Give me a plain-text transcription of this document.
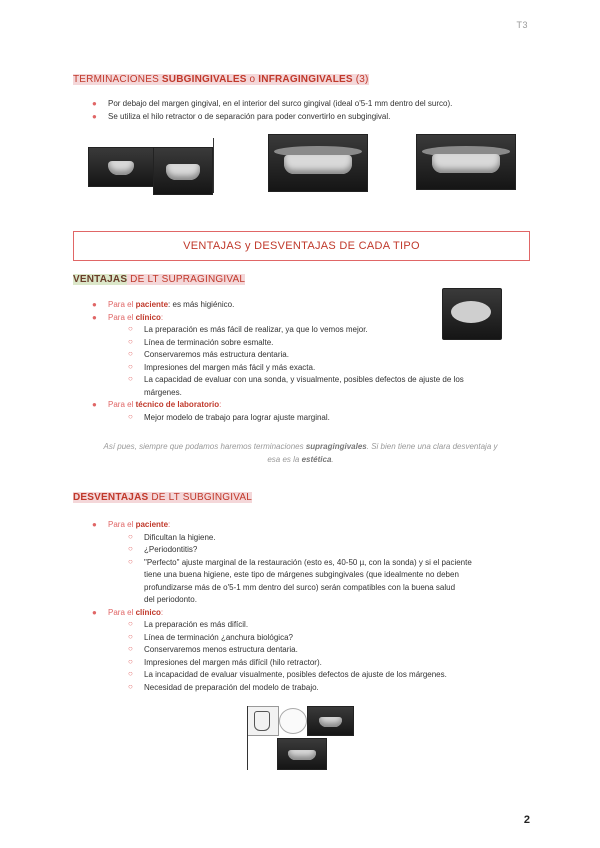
T3
TERMINACIONES SUBGINGIVALES o INFRAGINGIVALES (3)
● Por debajo del margen gingival, en el interior del surco gingival (ideal o'5-1 mm dentro del surco).
● Se utiliza el hilo retractor o de separación para poder convertirlo en subgingival.
VENTAJAS y DESVENTAJAS DE CADA TIPO
VENTAJAS DE LT SUPRAGINGIVAL
● Para el paciente: es más higiénico.
● Para el clínico:
○ La preparación es más fácil de realizar, ya que lo vemos mejor.
○ Línea de terminación sobre esmalte.
○ Conservaremos más estructura dentaria.
○ Impresiones del margen más fácil y más exacta.
○ La capacidad de evaluar con una sonda, y visualmente, posibles defectos de ajuste de los
márgenes.
● Para el técnico de laboratorio:
○ Mejor modelo de trabajo para lograr ajuste marginal.
Así pues, siempre que podamos haremos terminaciones supragingivales. Si bien tiene una clara desventaja y
esa es la estética.
DESVENTAJAS DE LT SUBGINGIVAL
● Para el paciente:
○ Dificultan la higiene.
○ ¿Periodontitis?
○ "Perfecto" ajuste marginal de la restauración (esto es, 40-50 µ, con la sonda) y si el paciente
tiene una buena higiene, este tipo de márgenes subgingivales (que idealmente no deben
profundizarse más de o'5-1 mm dentro del surco) serán compatibles con la buena salud
del periodonto.
● Para el clínico:
○ La preparación es más difícil.
○ Línea de terminación ¿anchura biológica?
○ Conservaremos menos estructura dentaria.
○ Impresiones del margen más difícil (hilo retractor).
○ La incapacidad de evaluar visualmente, posibles defectos de ajuste de los márgenes.
○ Necesidad de preparación del modelo de trabajo.
2
